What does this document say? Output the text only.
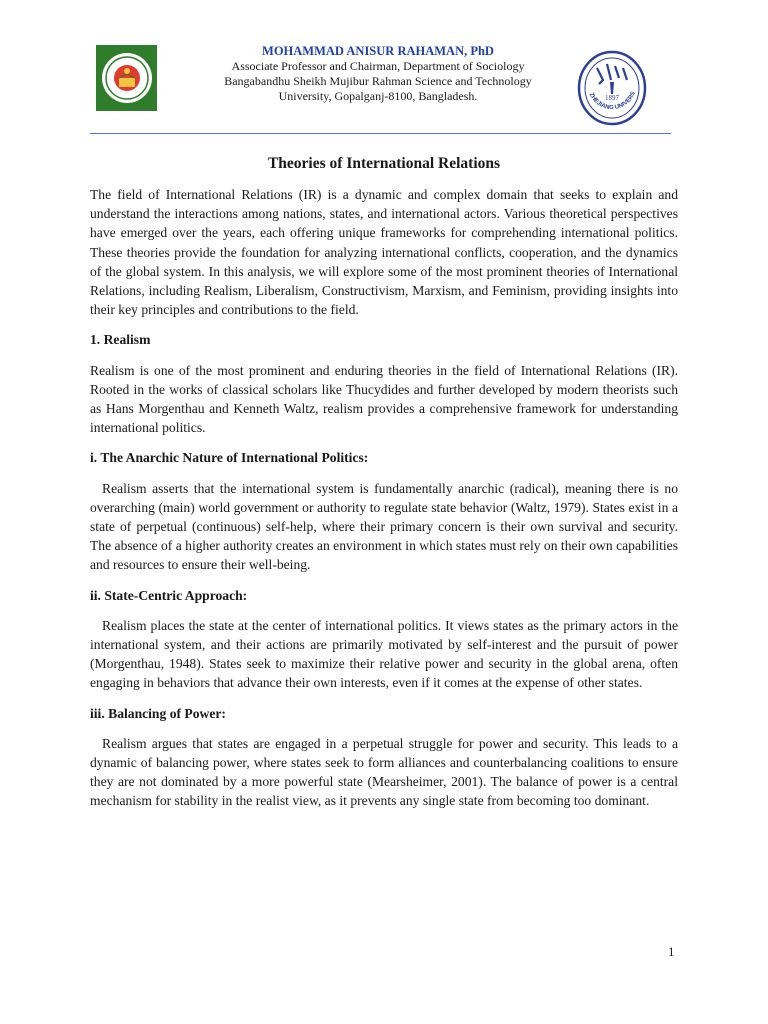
MOHAMMAD ANISUR RAHAMAN, PhD
Associate Professor and Chairman, Department of Sociology
Bangabandhu Sheikh Mujibur Rahman Science and Technology
University, Gopalganj-8100, Bangladesh.	1897
ZHEJIANG UNIVERS
Theories of International Relations

The field of International Relations (IR) is a dynamic and complex domain that seeks to explain and understand the interactions among nations, states, and international actors. Various theoretical perspectives have emerged over the years, each offering unique frameworks for comprehending international politics. These theories provide the foundation for analyzing international conflicts, cooperation, and the dynamics of the global system. In this analysis, we will explore some of the most prominent theories of International Relations, including Realism, Liberalism, Constructivism, Marxism, and Feminism, providing insights into their key principles and contributions to the field.

1. Realism

Realism is one of the most prominent and enduring theories in the field of International Relations (IR). Rooted in the works of classical scholars like Thucydides and further developed by modern theorists such as Hans Morgenthau and Kenneth Waltz, realism provides a comprehensive framework for understanding international politics.

i. The Anarchic Nature of International Politics:

Realism asserts that the international system is fundamentally anarchic (radical), meaning there is no overarching (main) world government or authority to regulate state behavior (Waltz, 1979). States exist in a state of perpetual (continuous) self-help, where their primary concern is their own survival and security. The absence of a higher authority creates an environment in which states must rely on their own capabilities and resources to ensure their well-being.

ii. State-Centric Approach:

Realism places the state at the center of international politics. It views states as the primary actors in the international system, and their actions are primarily motivated by self-interest and the pursuit of power (Morgenthau, 1948). States seek to maximize their relative power and security in the global arena, often engaging in behaviors that advance their own interests, even if it comes at the expense of other states.

iii. Balancing of Power:

Realism argues that states are engaged in a perpetual struggle for power and security. This leads to a dynamic of balancing power, where states seek to form alliances and counterbalancing coalitions to ensure they are not dominated by a more powerful state (Mearsheimer, 2001). The balance of power is a central mechanism for stability in the realist view, as it prevents any single state from becoming too dominant.

1
